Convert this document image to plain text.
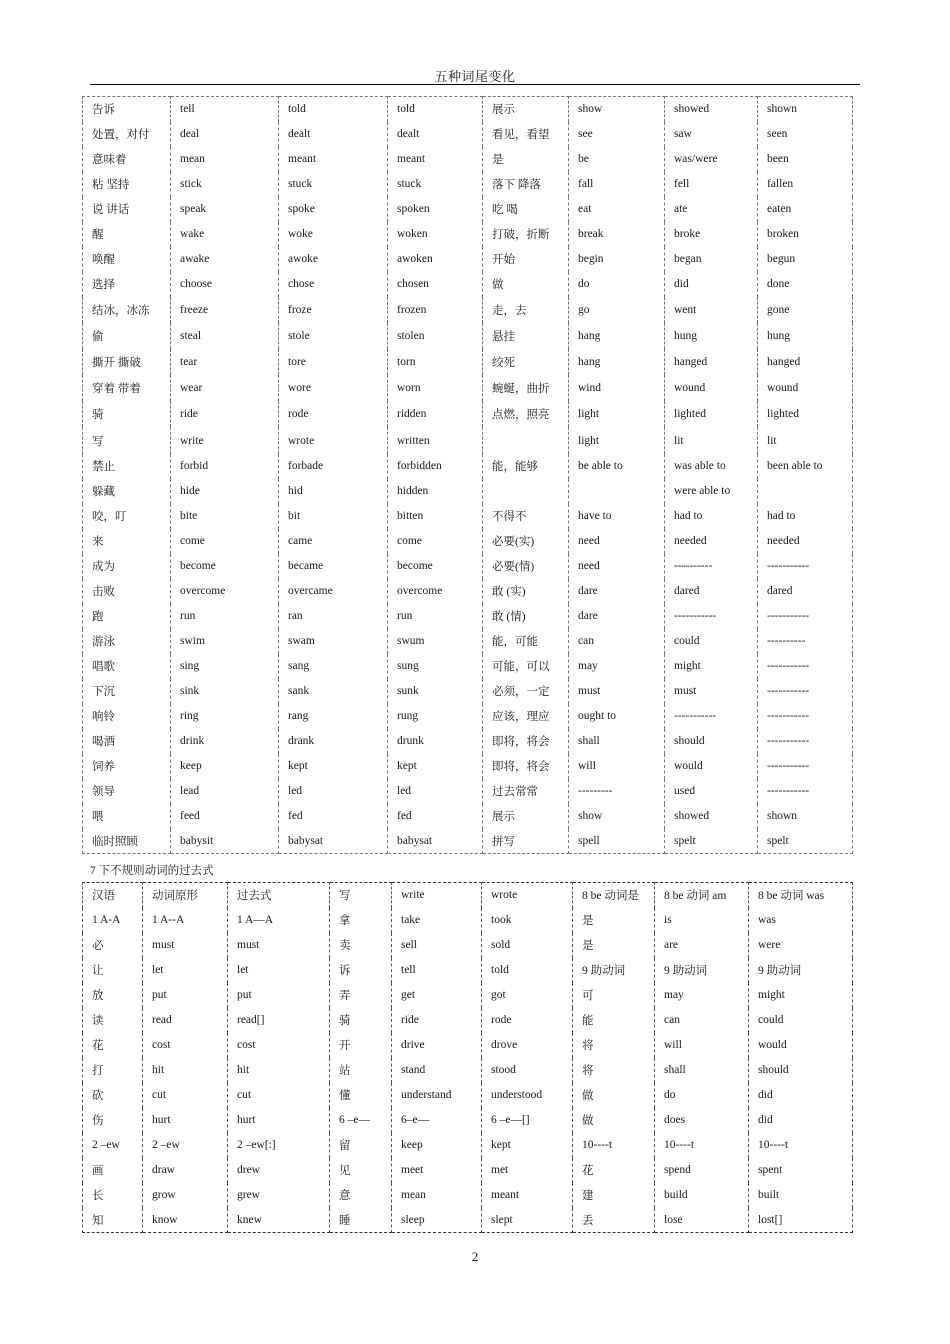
五种词尾变化
告诉	tell	told	told	展示	show	showed	shown
处置，对付	deal	dealt	dealt	看见，看望	see	saw	seen
意味着	mean	meant	meant	是	be	was/were	been
粘 坚持	stick	stuck	stuck	落下 降落	fall	fell	fallen
说 讲话	speak	spoke	spoken	吃 喝	eat	ate	eaten
醒	wake	woke	woken	打破，折断	break	broke	broken
唤醒	awake	awoke	awoken	开始	begin	began	begun
选择	choose	chose	chosen	做	do	did	done
结冰，冰冻	freeze	froze	frozen	走，去	go	went	gone
偷	steal	stole	stolen	悬挂	hang	hung	hung
撕开 撕破	tear	tore	torn	绞死	hang	hanged	hanged
穿着 带着	wear	wore	worn	蜿蜒，曲折	wind	wound	wound
骑	ride	rode	ridden	点燃，照亮	light	lighted	lighted
写	write	wrote	written		light	lit	lit
禁止	forbid	forbade	forbidden	能，能够	be able to	was able to	been able to
躲藏	hide	hid	hidden			were able to	
咬，叮	bite	bit	bitten	不得不	have to	had to	had to
来	come	came	come	必要(实)	need	needed	needed
成为	become	became	become	必要(情)	need	----------	-----------
击败	overcome	overcame	overcome	敢 (实)	dare	dared	dared
跑	run	ran	run	敢 (情)	dare	-----------	-----------
游泳	swim	swam	swum	能，可能	can	could	----------
唱歌	sing	sang	sung	可能，可以	may	might	-----------
下沉	sink	sank	sunk	必须，一定	must	must	-----------
响铃	ring	rang	rung	应该，理应	ought to	-----------	-----------
喝酒	drink	drank	drunk	即将，将会	shall	should	-----------
饲养	keep	kept	kept	即将，将会	will	would	-----------
领导	lead	led	led	过去常常	---------	used	-----------
喂	feed	fed	fed	展示	show	showed	shown
临时照顾	babysit	babysat	babysat	拼写	spell	spelt	spelt
7 下不规则动词的过去式
汉语	动词原形	过去式	写	write	wrote	8 be 动词是	8 be 动词 am	8 be 动词 was
1 A-A	1 A--A	1 A—A	拿	take	took	是	is	was
必	must	must	卖	sell	sold	是	are	were
让	let	let	诉	tell	told	9 助动词	9 助动词	9 助动词
放	put	put	弄	get	got	可	may	might
读	read	read[]	骑	ride	rode	能	can	could
花	cost	cost	开	drive	drove	将	will	would
打	hit	hit	站	stand	stood	将	shall	should
砍	cut	cut	懂	understand	understood	做	do	did
伤	hurt	hurt	6 –e—	6–e—	6 –e—[]	做	does	did
2 –ew	2 –ew	2 –ew[:]	留	keep	kept	10----t	10----t	10----t
画	draw	drew	见	meet	met	花	spend	spent
长	grow	grew	意	mean	meant	建	build	built
知	know	knew	睡	sleep	slept	丢	lose	lost[]
2
